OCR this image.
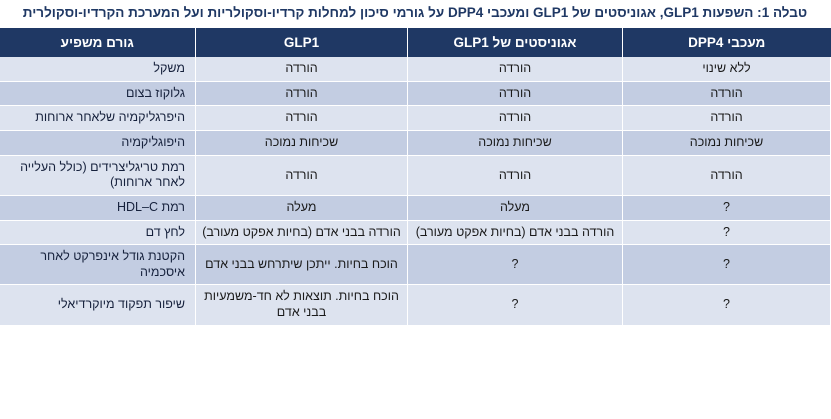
טבלה 1: השפעות GLP1, אגוניסטים של GLP1 ומעכבי DPP4 על גורמי סיכון למחלות קרדיו-וסקולריות ועל המערכת הקרדיו-וסקולרית
מעכבי DPP4	אגוניסטים של GLP1	GLP1	גורם משפיע
ללא שינוי	הורדה	הורדה	משקל
הורדה	הורדה	הורדה	גלוקוז בצום
הורדה	הורדה	הורדה	היפרגליקמיה שלאחר ארוחות
שכיחות נמוכה	שכיחות נמוכה	שכיחות נמוכה	היפוגליקמיה
הורדה	הורדה	הורדה	רמת טריגליצרידים (כולל העלייה לאחר ארוחות)
?	מעלה	מעלה	רמת HDL–C
?	הורדה בבני אדם (בחיות אפקט מעורב)	הורדה בבני אדם (בחיות אפקט מעורב)	לחץ דם
?	?	הוכח בחיות. ייתכן שיתרחש בבני אדם	הקטנת גודל אינפרקט לאחר איסכמיה
?	?	הוכח בחיות. תוצאות לא חד-משמעיות בבני אדם	שיפור תפקוד מיוקרדיאלי
